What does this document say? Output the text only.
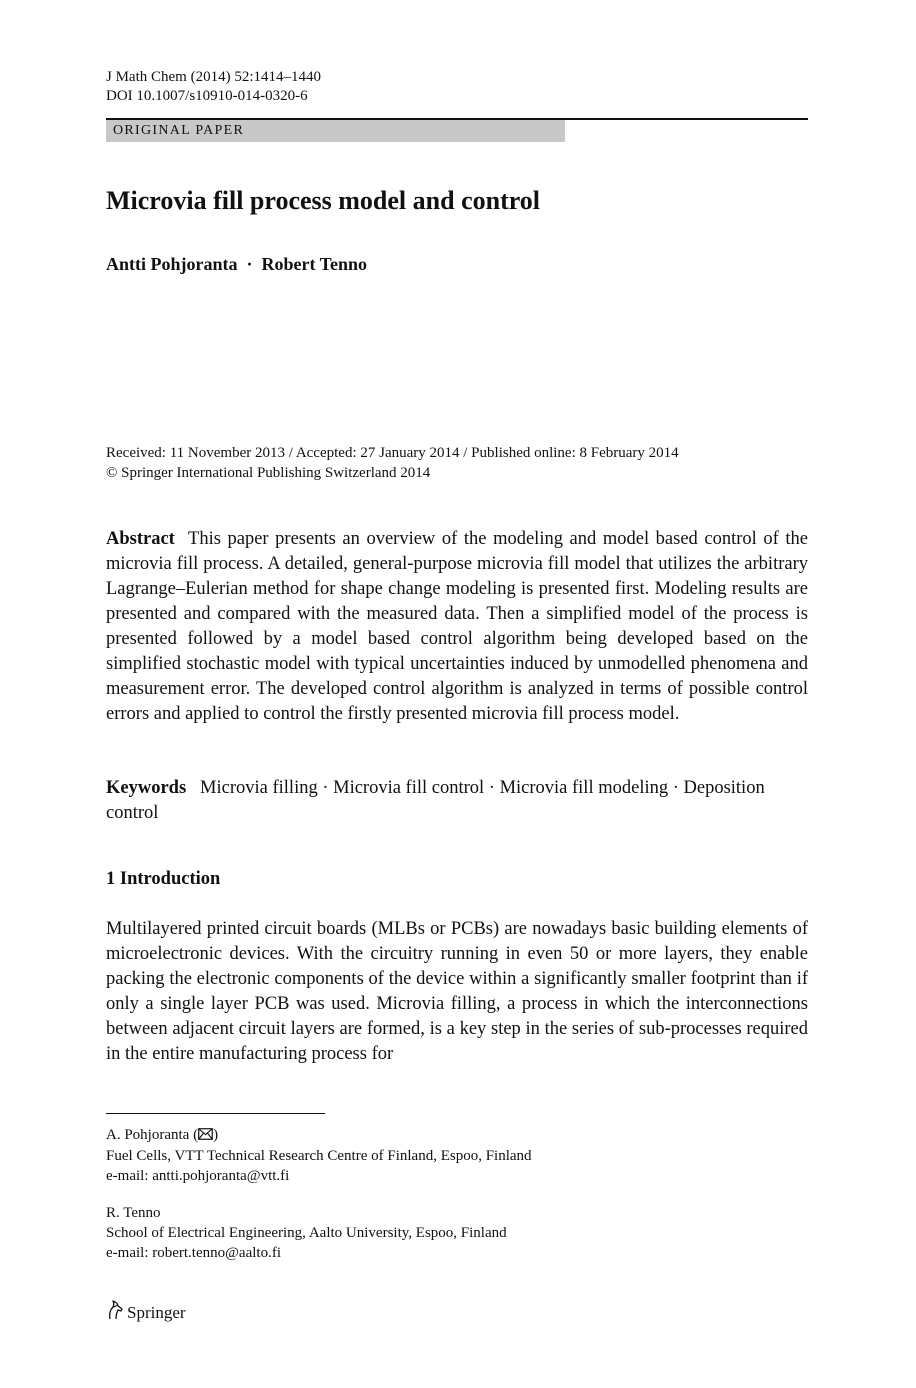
J Math Chem (2014) 52:1414–1440
DOI 10.1007/s10910-014-0320-6
ORIGINAL PAPER
Microvia fill process model and control
Antti Pohjoranta · Robert Tenno
Received: 11 November 2013 / Accepted: 27 January 2014 / Published online: 8 February 2014
© Springer International Publishing Switzerland 2014
Abstract This paper presents an overview of the modeling and model based control of the microvia fill process. A detailed, general-purpose microvia fill model that utilizes the arbitrary Lagrange–Eulerian method for shape change modeling is presented first. Modeling results are presented and compared with the measured data. Then a simplified model of the process is presented followed by a model based control algorithm being developed based on the simplified stochastic model with typical uncertainties induced by unmodelled phenomena and measurement error. The developed control algorithm is analyzed in terms of possible control errors and applied to control the firstly presented microvia fill process model.
Keywords Microvia filling · Microvia fill control · Microvia fill modeling · Deposition control
1 Introduction
Multilayered printed circuit boards (MLBs or PCBs) are nowadays basic building elements of microelectronic devices. With the circuitry running in even 50 or more layers, they enable packing the electronic components of the device within a significantly smaller footprint than if only a single layer PCB was used. Microvia filling, a process in which the interconnections between adjacent circuit layers are formed, is a key step in the series of sub-processes required in the entire manufacturing process for
A. Pohjoranta ( )
Fuel Cells, VTT Technical Research Centre of Finland, Espoo, Finland
e-mail: antti.pohjoranta@vtt.fi
R. Tenno
School of Electrical Engineering, Aalto University, Espoo, Finland
e-mail: robert.tenno@aalto.fi
Springer
